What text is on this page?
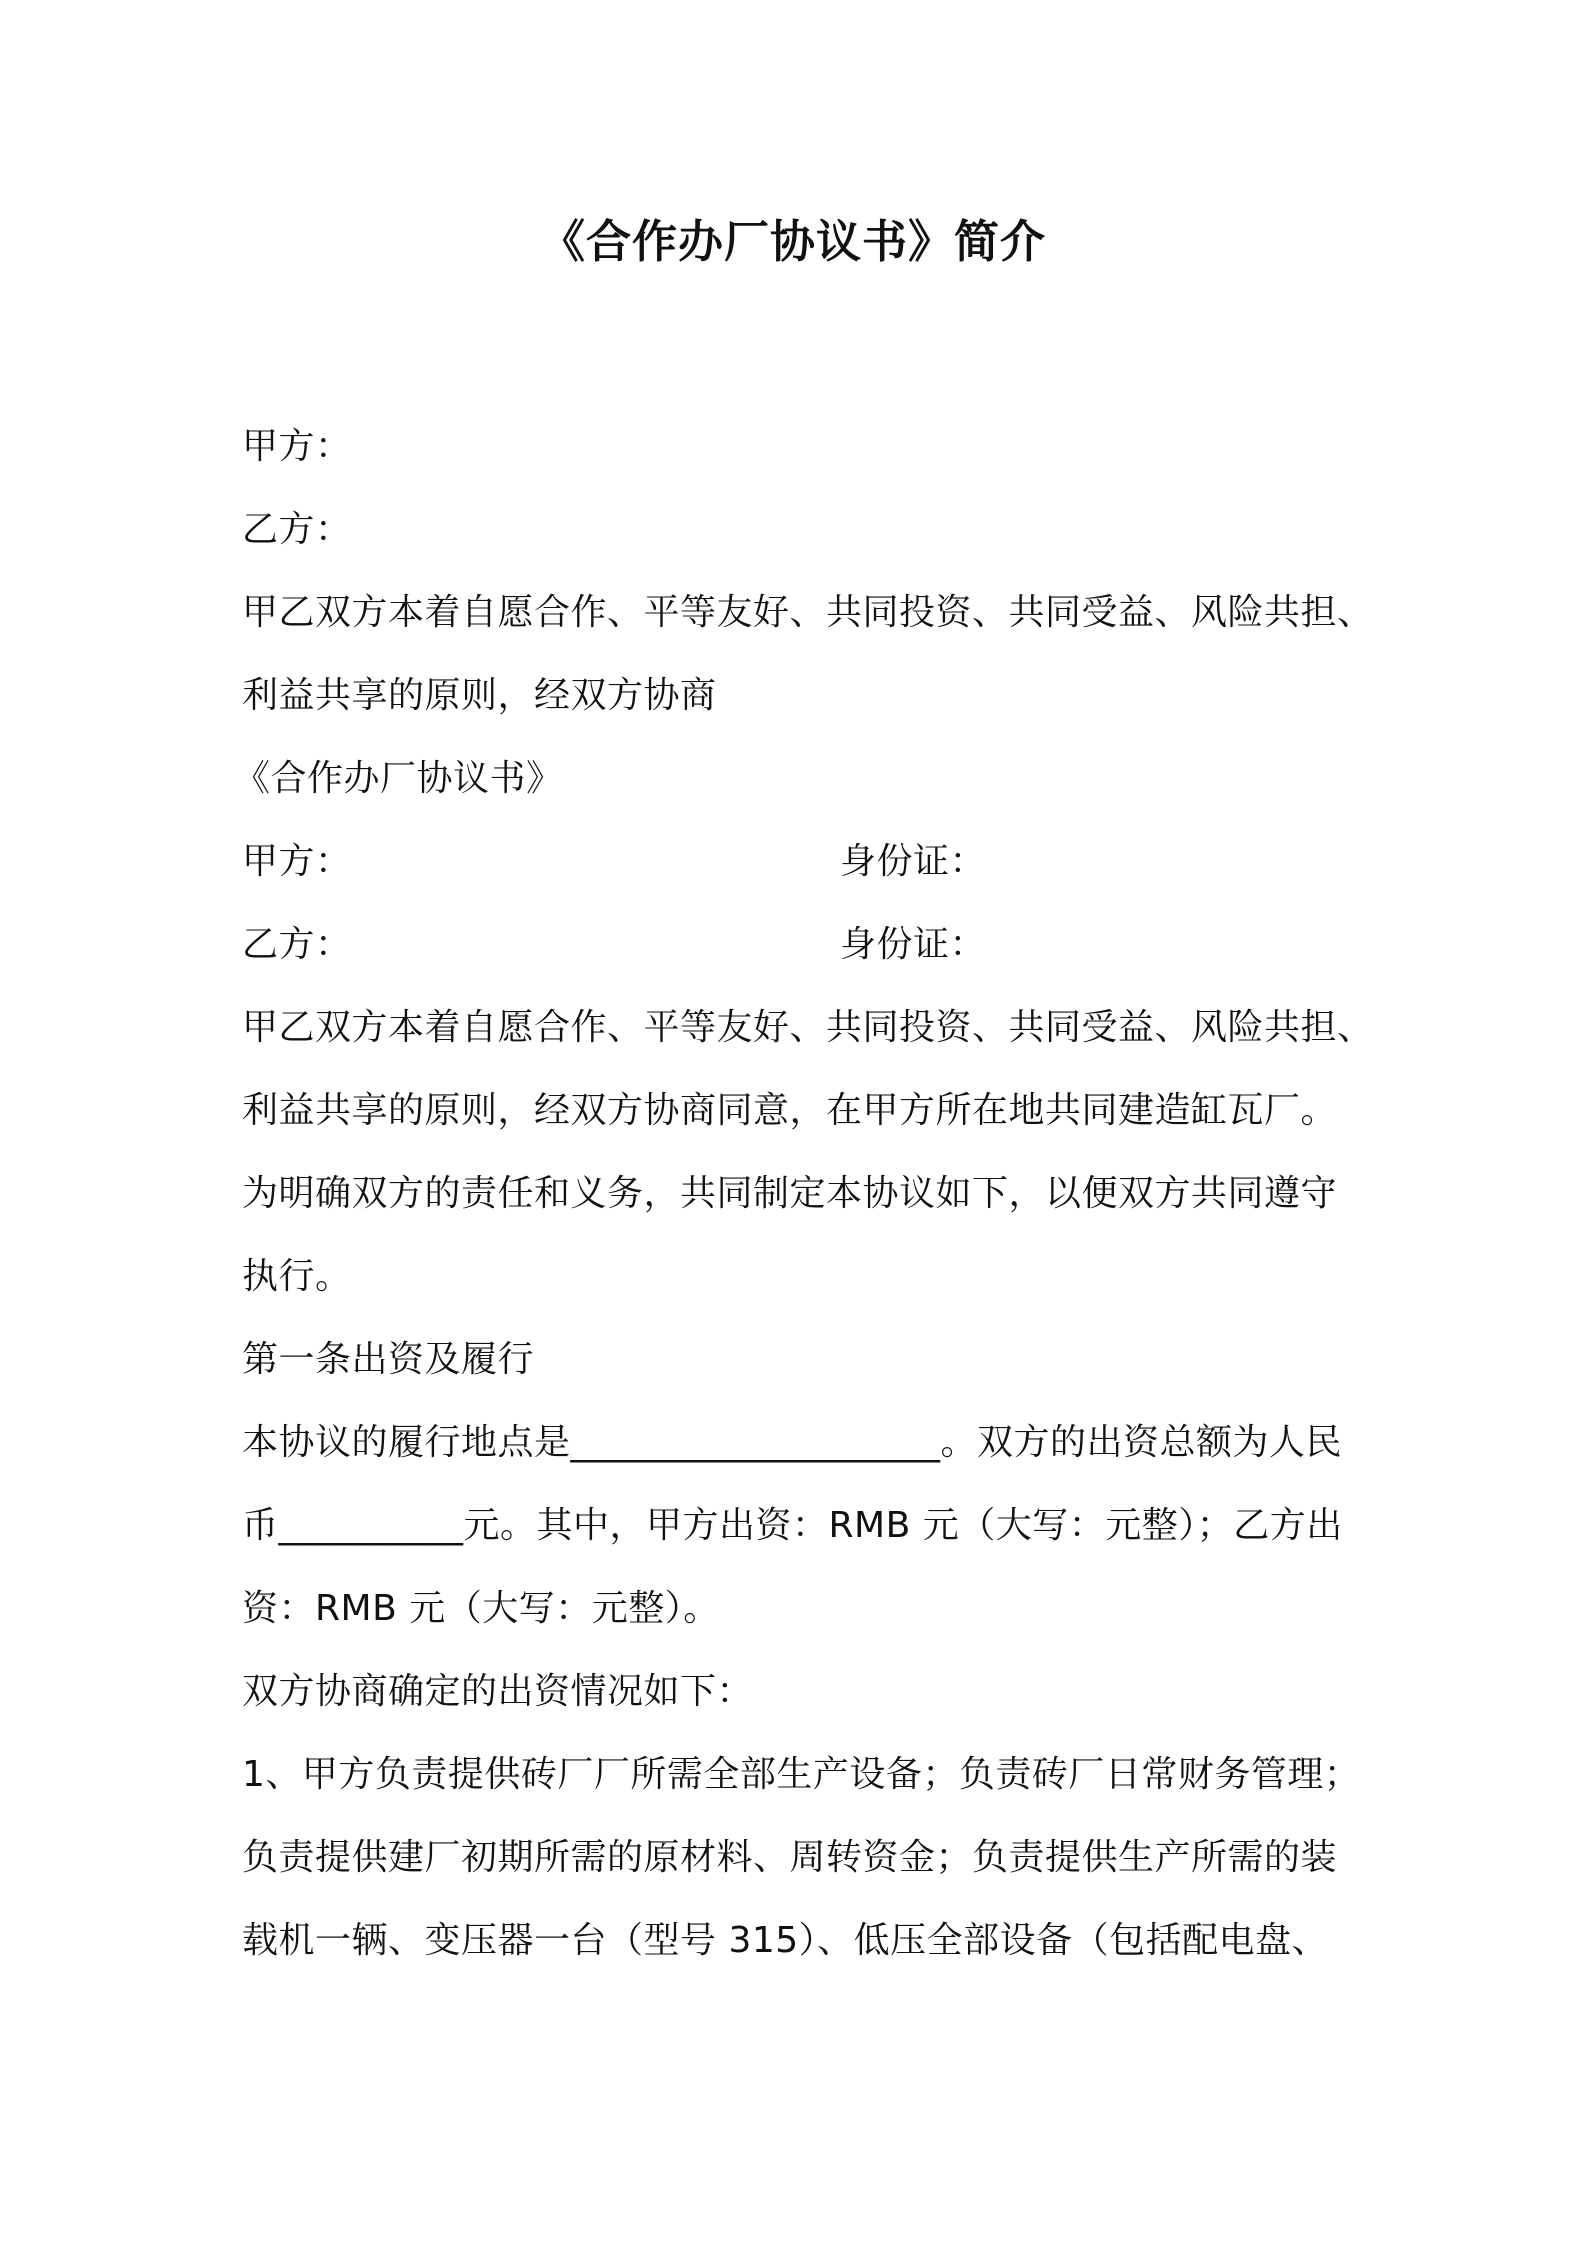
《合作办厂协议书》简介
甲方：
乙方：
甲乙双方本着自愿合作、平等友好、共同投资、共同受益、风险共担、
利益共享的原则，经双方协商
《合作办厂协议书》
甲方：	身份证：
乙方：	身份证：
甲乙双方本着自愿合作、平等友好、共同投资、共同受益、风险共担、
利益共享的原则，经双方协商同意，在甲方所在地共同建造缸瓦厂。
为明确双方的责任和义务，共同制定本协议如下，以便双方共同遵守
执行。
第一条出资及履行
本协议的履行地点是____________________。双方的出资总额为人民
币__________元。其中，甲方出资：RMB 元（大写：元整）；乙方出
资：RMB 元（大写：元整）。
双方协商确定的出资情况如下：
1、甲方负责提供砖厂厂所需全部生产设备；负责砖厂日常财务管理；
负责提供建厂初期所需的原材料、周转资金；负责提供生产所需的装
载机一辆、变压器一台（型号 315）、低压全部设备（包括配电盘、
